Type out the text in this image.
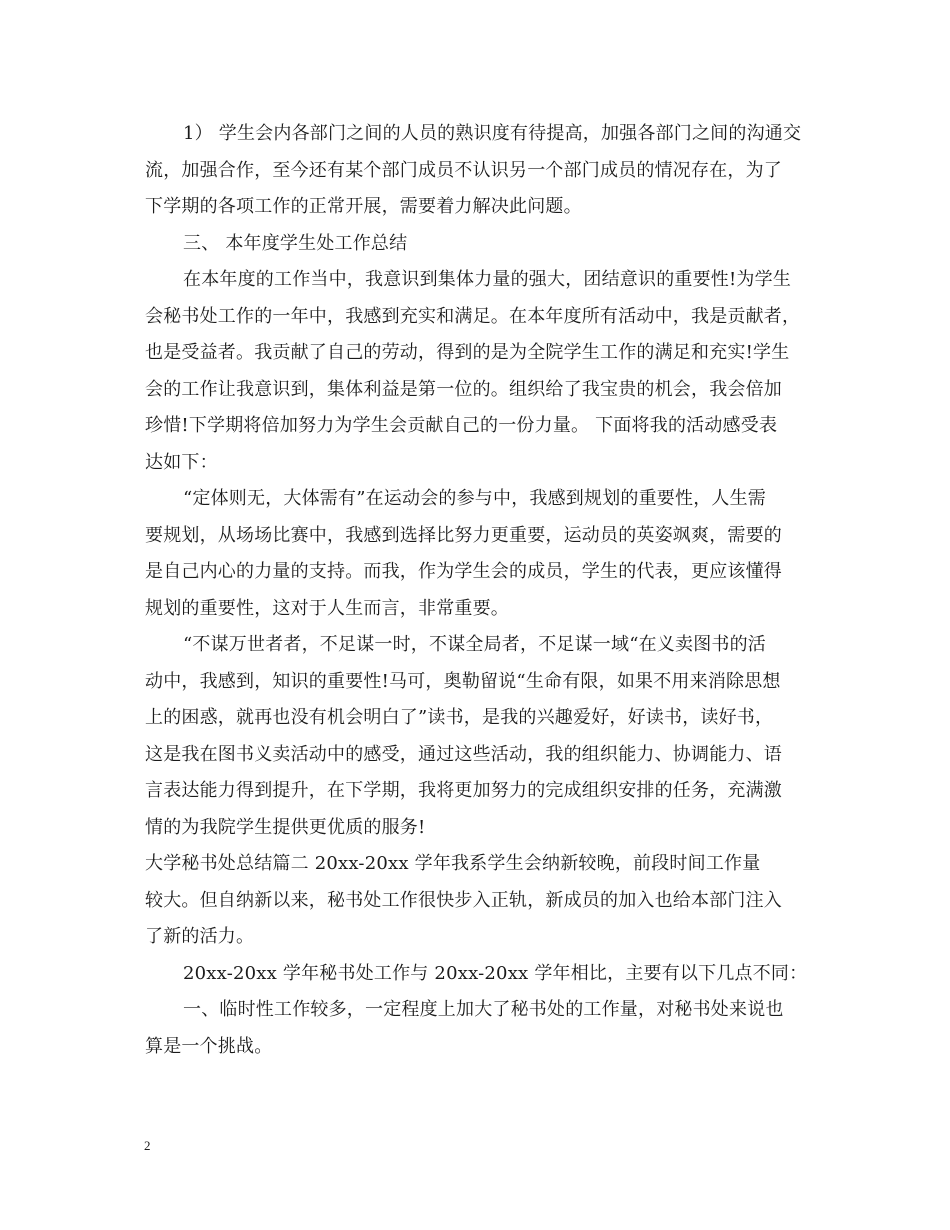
1） 学生会内各部门之间的人员的熟识度有待提高，加强各部门之间的沟通交
流，加强合作，至今还有某个部门成员不认识另一个部门成员的情况存在，为了
下学期的各项工作的正常开展，需要着力解决此问题。
三、 本年度学生处工作总结
在本年度的工作当中，我意识到集体力量的强大，团结意识的重要性!为学生
会秘书处工作的一年中，我感到充实和满足。在本年度所有活动中，我是贡献者，
也是受益者。我贡献了自己的劳动，得到的是为全院学生工作的满足和充实!学生
会的工作让我意识到，集体利益是第一位的。组织给了我宝贵的机会，我会倍加
珍惜!下学期将倍加努力为学生会贡献自己的一份力量。 下面将我的活动感受表
达如下：
“定体则无，大体需有”在运动会的参与中，我感到规划的重要性，人生需
要规划，从场场比赛中，我感到选择比努力更重要，运动员的英姿飒爽，需要的
是自己内心的力量的支持。而我，作为学生会的成员，学生的代表，更应该懂得
规划的重要性，这对于人生而言，非常重要。
“不谋万世者者，不足谋一时，不谋全局者，不足谋一域“在义卖图书的活
动中，我感到，知识的重要性!马可，奥勒留说“生命有限，如果不用来消除思想
上的困惑，就再也没有机会明白了”读书，是我的兴趣爱好，好读书，读好书，
这是我在图书义卖活动中的感受，通过这些活动，我的组织能力、协调能力、语
言表达能力得到提升，在下学期，我将更加努力的完成组织安排的任务，充满激
情的为我院学生提供更优质的服务!
大学秘书处总结篇二 20xx-20xx 学年我系学生会纳新较晚，前段时间工作量
较大。但自纳新以来，秘书处工作很快步入正轨，新成员的加入也给本部门注入
了新的活力。
20xx-20xx 学年秘书处工作与 20xx-20xx 学年相比，主要有以下几点不同：
一、临时性工作较多，一定程度上加大了秘书处的工作量，对秘书处来说也
算是一个挑战。
2
